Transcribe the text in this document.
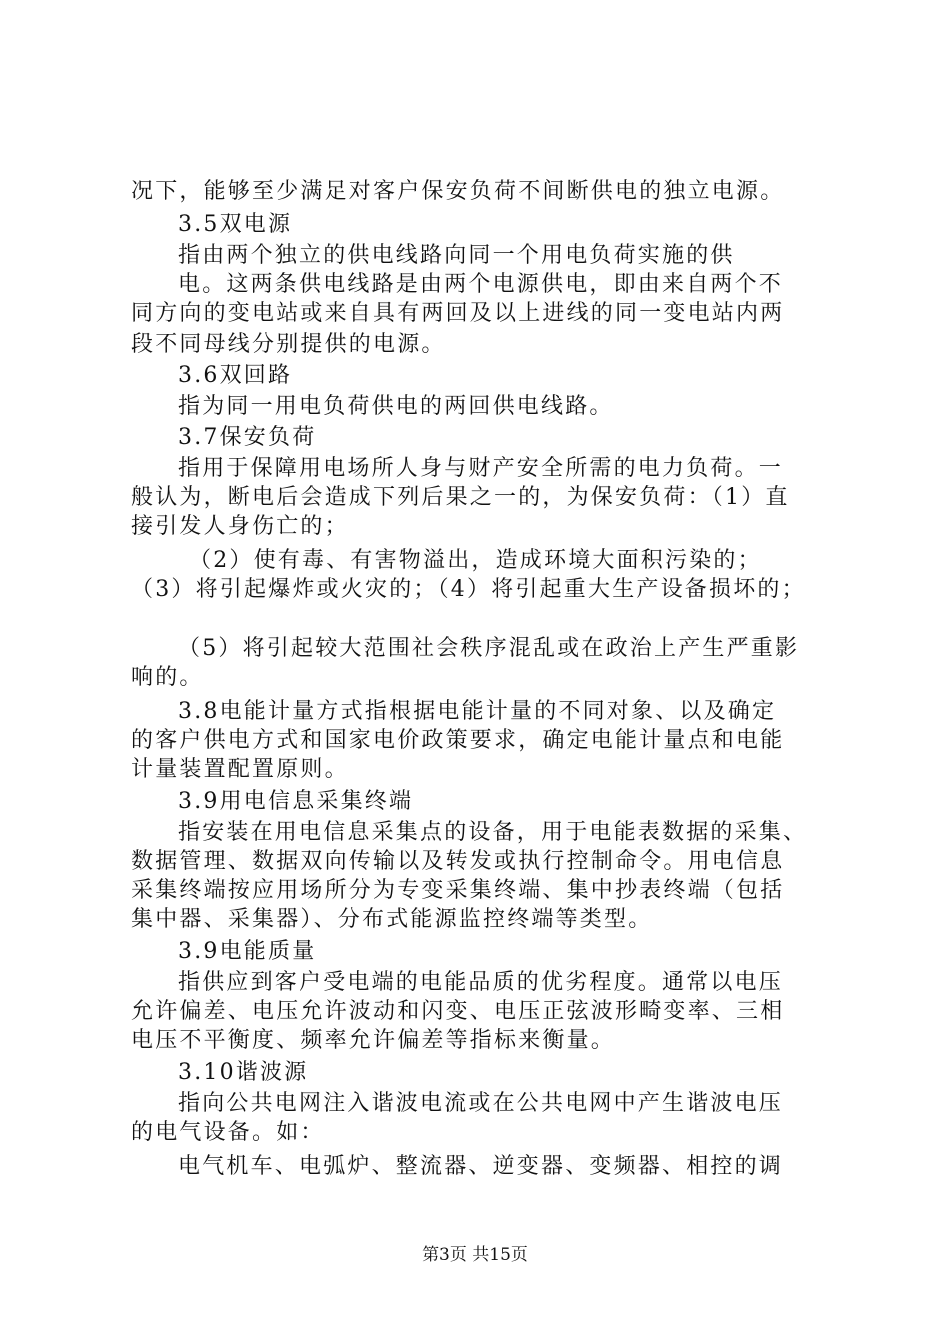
况下，能够至少满足对客户保安负荷不间断供电的独立电源。
3.5双电源
指由两个独立的供电线路向同一个用电负荷实施的供
电。这两条供电线路是由两个电源供电，即由来自两个不
同方向的变电站或来自具有两回及以上进线的同一变电站内两
段不同母线分别提供的电源。
3.6双回路
指为同一用电负荷供电的两回供电线路。
3.7保安负荷
指用于保障用电场所人身与财产安全所需的电力负荷。一
般认为，断电后会造成下列后果之一的，为保安负荷：（1）直
接引发人身伤亡的；
（2）使有毒、有害物溢出，造成环境大面积污染的；
（3）将引起爆炸或火灾的；（4）将引起重大生产设备损坏的；
（5）将引起较大范围社会秩序混乱或在政治上产生严重影
响的。
3.8电能计量方式指根据电能计量的不同对象、以及确定
的客户供电方式和国家电价政策要求，确定电能计量点和电能
计量装置配置原则。
3.9用电信息采集终端
指安装在用电信息采集点的设备，用于电能表数据的采集、
数据管理、数据双向传输以及转发或执行控制命令。用电信息
采集终端按应用场所分为专变采集终端、集中抄表终端（包括
集中器、采集器）、分布式能源监控终端等类型。
3.9电能质量
指供应到客户受电端的电能品质的优劣程度。通常以电压
允许偏差、电压允许波动和闪变、电压正弦波形畸变率、三相
电压不平衡度、频率允许偏差等指标来衡量。
3.10谐波源
指向公共电网注入谐波电流或在公共电网中产生谐波电压
的电气设备。如：
电气机车、电弧炉、整流器、逆变器、变频器、相控的调
第3页 共15页
